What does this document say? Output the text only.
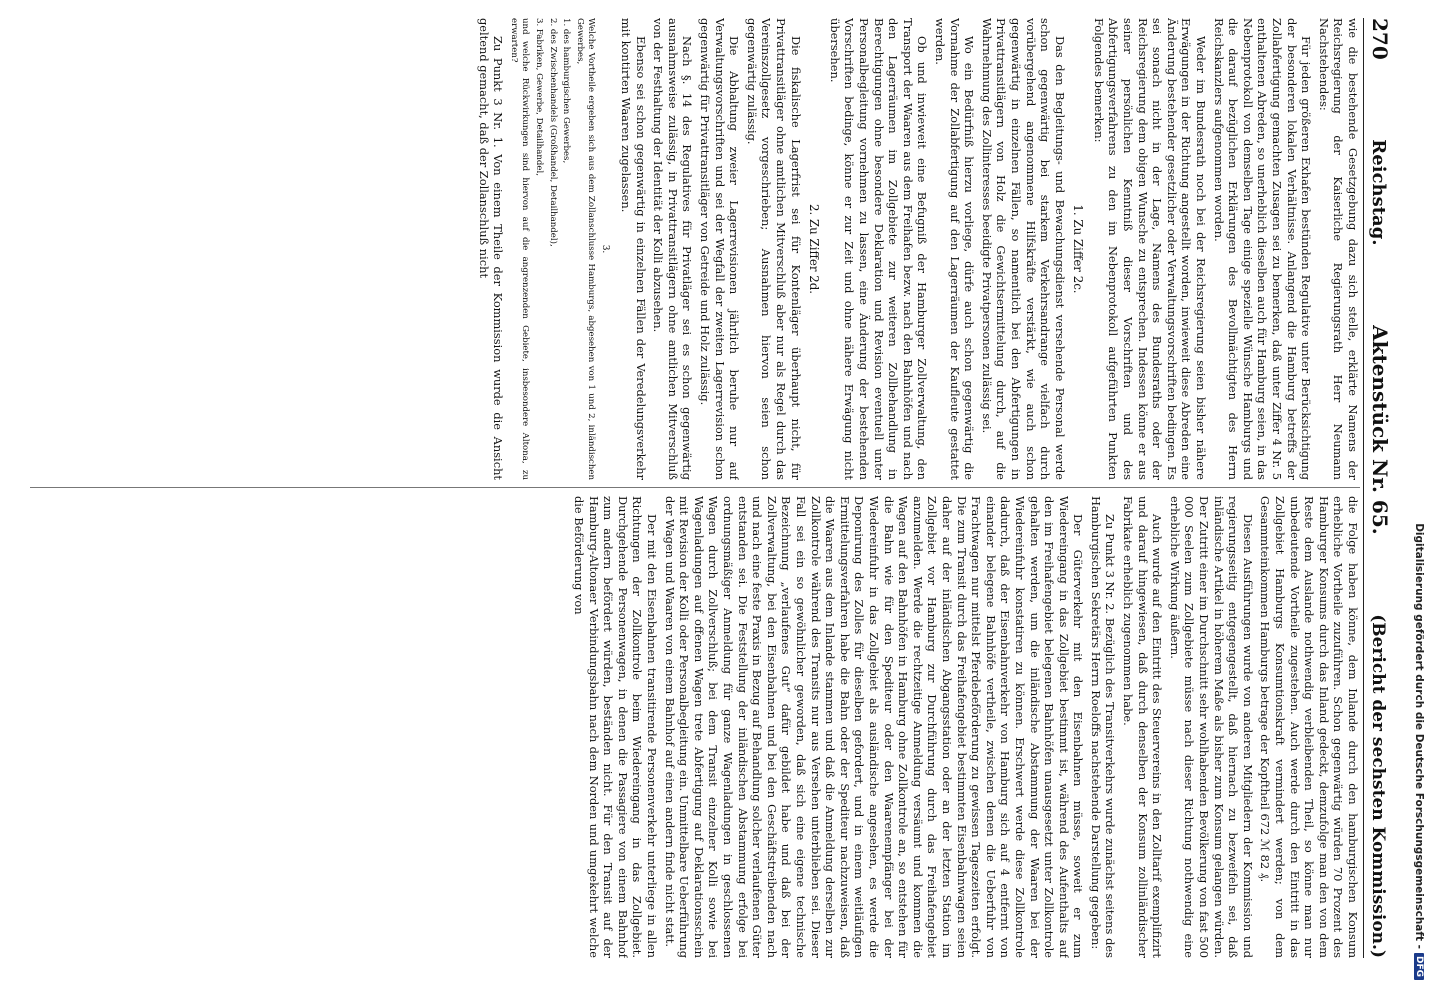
270
Reichstag.
Aktenstück Nr. 65.
(Bericht der sechsten Kommission.)

wie die bestehende Gesetzgebung dazu sich stelle, erklärte Namens der Reichsregierung der Kaiserliche Regierungsrath Herr Neumann Nachstehendes:

Für jeden größeren Exhafen bestünden Regulative unter Berücksichtigung der besonderen lokalen Verhältnisse. Anlangend die Hamburg betreffs der Zollabfertigung gemachten Zusagen sei zu bemerken, daß unter Ziffer 4 Nr. 5 enthaltenen Abreden, so unerheblich dieselben auch für Hamburg seien, in das Nebenprotokoll von demselben Tage einige spezielle Wünsche Hamburgs und die darauf bezüglichen Erklärungen des Bevollmächtigten des Herrn Reichskanzlers aufgenommen worden.

Weder im Bundesrath noch bei der Reichsregierung seien bisher nähere Erwägungen in der Richtung angestellt worden, inwieweit diese Abreden eine Änderung bestehender gesetzlicher oder Verwaltungsvorschriften bedingen. Es sei sonach nicht in der Lage, Namens des Bundesraths oder der Reichsregierung dem obigen Wunsche zu entsprechen. Indessen könne er aus seiner persönlichen Kenntniß dieser Vorschriften und des Abfertigungsverfahrens zu den im Nebenprotokoll aufgeführten Punkten Folgendes bemerken:

1. Zu Ziffer 2c.

Das den Begleitungs- und Bewachungsdienst versehende Personal werde schon gegenwärtig bei starkem Verkehrsandrange vielfach durch vorübergehend angenommene Hilfskräfte verstärkt, wie auch schon gegenwärtig in einzelnen Fällen, so namentlich bei den Abfertigungen in Privattransitlägern von Holz die Gewichtsermittelung durch, auf die Wahrnehmung des Zollinteresses beeidigte Privatpersonen zulässig sei.

Wo ein Bedürfniß hierzu vorliege, dürfe auch schon gegenwärtig die Vornahme der Zollabfertigung auf den Lagerräumen der Kaufleute gestattet werden.

Ob und inwieweit eine Befugniß der Hamburger Zollverwaltung, den Transport der Waaren aus dem Freihafen bezw. nach den Bahnhöfen und nach den Lagerräumen im Zollgebiete zur weiteren Zollbehandlung in Berechtigungen ohne besondere Deklaration und Revision eventuell unter Personalbegleitung vornehmen zu lassen, eine Änderung der bestehenden Vorschriften bedinge, könne er zur Zeit und ohne nähere Erwägung nicht übersehen.

2. Zu Ziffer 2d.

Die fiskalische Lagerfrist sei für Kontenläger überhaupt nicht, für Privattransitläger ohne amtlichen Mitverschluß aber nur als Regel durch das Vereinszollgesetz vorgeschrieben; Ausnahmen hiervon seien schon gegenwärtig zulässig.

Die Abhaltung zweier Lagerrevisionen jährlich beruhe nur auf Verwaltungsvorschriften und sei der Wegfall der zweiten Lagerrevision schon gegenwärtig für Privattransitläger von Getreide und Holz zulässig.

Nach §. 14 des Regulatives für Privatläger sei es schon gegenwärtig ausnahmsweise zulässig, in Privattransitlägern ohne amtlichen Mitverschluß von der Festhaltung der Identität der Kolli abzusehen.

Ebenso sei schon gegenwärtig in einzelnen Fällen der Veredelungsverkehr mit kontirten Waaren zugelassen.

3.

Welche Vortheile ergeben sich aus dem Zollanschlusse Hamburgs, abgesehen von 1 und 2, inländischen Gewerbes,

1. des hamburgischen Gewerbes,

2. des Zwischenhandels (Großhandel, Detailhandel),

3. Fabriken, Gewerbe, Detailhandel,

und welche Rückwirkungen sind hiervon auf die angrenzenden Gebiete, insbesondere Altona, zu erwarten?

Zu Punkt 3 Nr. 1. Von einem Theile der Kommission wurde die Ansicht geltend gemacht, daß der Zollanschluß nicht

die Folge haben könne, dem Inlande durch den hamburgischen Konsum erhebliche Vortheile zuzuführen. Schon gegenwärtig würden 70 Prozent des Hamburger Konsums durch das Inland gedeckt, demzufolge man den von dem Reste dem Auslande nothwendig verbleibenden Theil, so könne man nur unbedeutende Vortheile zugestehen. Auch werde durch den Eintritt in das Zollgebiet Hamburgs Konsumtionskraft vermindert werden; von dem Gesammteinkommen Hamburgs betrage der Kopftheil 672 ℳ 82 ₰.

Diesen Ausführungen wurde von anderen Mitgliedern der Kommission und regierungsseitig entgegengestellt, daß hiernach zu bezweifeln sei, daß inländische Artikel in höherem Maße als bisher zum Konsum gelangen würden. Der Zutritt einer im Durchschnitt sehr wohlhabenden Bevölkerung von fast 500 000 Seelen zum Zollgebiete müsse nach dieser Richtung nothwendig eine erhebliche Wirkung äußern.

Auch wurde auf den Eintritt des Steuervereins in den Zolltarif exemplifizirt und darauf hingewiesen, daß durch denselben der Konsum zollinländischer Fabrikate erheblich zugenommen habe.

Zu Punkt 3 Nr. 2. Bezüglich des Transitverkehrs wurde zunächst seitens des Hamburgischen Sekretärs Herrn Roeloffs nachstehende Darstellung gegeben:

Der Güterverkehr mit den Eisenbahnen müsse, soweit er zum Wiedereingang in das Zollgebiet bestimmt ist, während des Aufenthalts auf den im Freihafengebiet belegenen Bahnhöfen unausgesetzt unter Zollkontrole gehalten werden, um die inländische Abstammung der Waaren bei der Wiedereinfuhr konstatiren zu können. Erschwert werde diese Zollkontrole dadurch, daß der Eisenbahnverkehr von Hamburg sich auf 4 entfernt von einander belegene Bahnhöfe vertheile, zwischen denen die Ueberfuhr von Frachtwagen nur mittelst Pferdebeförderung zu gewissen Tageszeiten erfolgt. Die zum Transit durch das Freihafengebiet bestimmten Eisenbahnwagen seien daher auf der inländischen Abgangsstation oder an der letzten Station im Zollgebiet vor Hamburg zur Durchführung durch das Freihafengebiet anzumelden. Werde die rechtzeitige Anmeldung versäumt und kommen die Wagen auf den Bahnhöfen in Hamburg ohne Zollkontrole an, so entstehen für die Bahn wie für den Spediteur oder den Waarenempfänger bei der Wiedereinfuhr in das Zollgebiet als ausländische angesehen, es werde die Deponirung des Zolles für dieselben gefordert, und in einem weitläufigen Ermittelungsverfahren habe die Bahn oder der Spediteur nachzuweisen, daß die Waaren aus dem Inlande stammen und daß die Anmeldung derselben zur Zollkontrole während des Transits nur aus Versehen unterblieben sei. Dieser Fall sei ein so gewöhnlicher geworden, daß sich eine eigene technische Bezeichnung „verlaufenes Gut“ dafür gebildet habe und daß bei der Zollverwaltung, bei den Eisenbahnen und bei den Geschäftstreibenden nach und nach eine feste Praxis in Bezug auf Behandlung solcher verlaufenen Güter entstanden sei. Die Feststellung der inländischen Abstammung erfolge bei ordnungsmäßiger Anmeldung für ganze Wagenladungen in geschlossenen Wagen durch Zollverschluß; bei dem Transit einzelner Kolli sowie bei Wagenladungen auf offenen Wagen trete Abfertigung auf Deklarationsschein mit Revision der Kolli oder Personalbegleitung ein. Unmittelbare Ueberführung der Wagen und Waaren von einem Bahnhof auf einen andern finde nicht statt.

Der mit den Eisenbahnen transitirende Personenverkehr unterliege in allen Richtungen der Zollkontrole beim Wiedereingang in das Zollgebiet. Durchgehende Personenwagen, in denen die Passagiere von einem Bahnhof zum andern befördert würden, beständen nicht. Für den Transit auf der Hamburg-Altonaer Verbindungsbahn nach dem Norden und umgekehrt welche die Beförderung von	Digitalisierung gefördert durch die Deutsche Forschungsgemeinschaft -
DFG
